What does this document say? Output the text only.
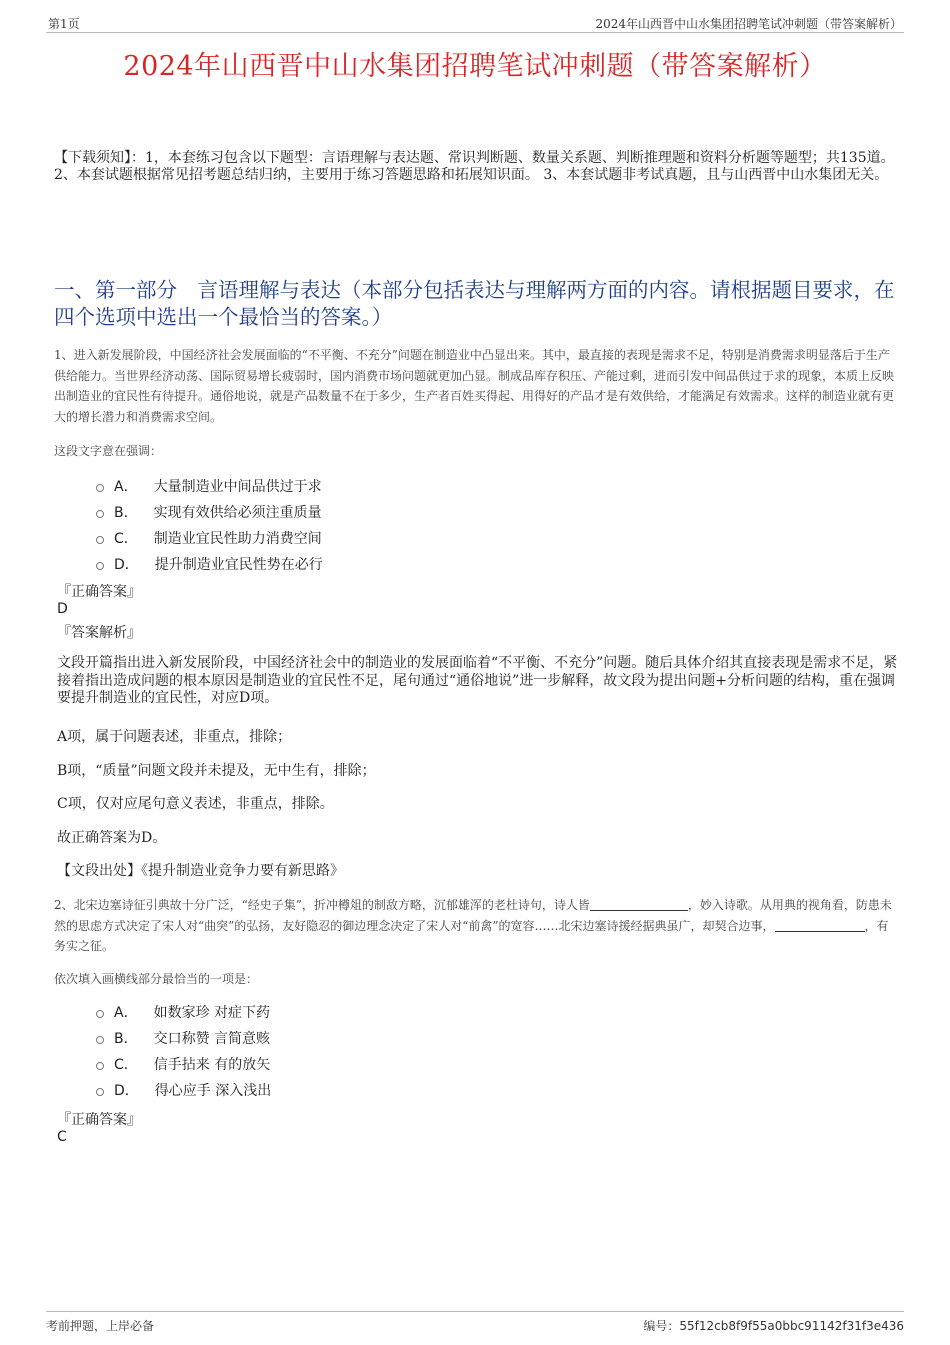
第1页	2024年山西晋中山水集团招聘笔试冲刺题（带答案解析）
2024年山西晋中山水集团招聘笔试冲刺题（带答案解析）
【下载须知】：1，本套练习包含以下题型：言语理解与表达题、常识判断题、数量关系题、判断推理题和资料分析题等题型；共135道。 2、本套试题根据常见招考题总结归纳，主要用于练习答题思路和拓展知识面。 3、本套试题非考试真题，且与山西晋中山水集团无关。
一、第一部分　言语理解与表达（本部分包括表达与理解两方面的内容。请根据题目要求，在四个选项中选出一个最恰当的答案。）
1、进入新发展阶段，中国经济社会发展面临的“不平衡、不充分”问题在制造业中凸显出来。其中，最直接的表现是需求不足，特别是消费需求明显落后于生产供给能力。当世界经济动荡、国际贸易增长疲弱时，国内消费市场问题就更加凸显。制成品库存积压、产能过剩，进而引发中间品供过于求的现象，本质上反映出制造业的宜民性有待提升。通俗地说，就是产品数量不在于多少，生产者百姓买得起、用得好的产品才是有效供给，才能满足有效需求。这样的制造业就有更大的增长潜力和消费需求空间。
这段文字意在强调：
A． 大量制造业中间品供过于求
B． 实现有效供给必须注重质量
C． 制造业宜民性助力消费空间
D． 提升制造业宜民性势在必行
『正确答案』
D
『答案解析』
文段开篇指出进入新发展阶段，中国经济社会中的制造业的发展面临着“不平衡、不充分”问题。随后具体介绍其直接表现是需求不足，紧接着指出造成问题的根本原因是制造业的宜民性不足，尾句通过“通俗地说”进一步解释，故文段为提出问题+分析问题的结构，重在强调要提升制造业的宜民性，对应D项。
A项，属于问题表述，非重点，排除；
B项，“质量”问题文段并未提及，无中生有，排除；
C项，仅对应尾句意义表述，非重点，排除。
故正确答案为D。
【文段出处】《提升制造业竞争力要有新思路》
2、北宋边塞诗征引典故十分广泛，“经史子集”，折冲樽俎的制敌方略，沉郁雄浑的老杜诗句，诗人皆	，妙入诗歌。从用典的视角看，防患未然的思虑方式决定了宋人对“曲突”的弘扬，友好隐忍的御边理念决定了宋人对“前禽”的宽容……北宋边塞诗援经据典虽广，却契合边事，	，有务实之征。
依次填入画横线部分最恰当的一项是：
A． 如数家珍 对症下药
B． 交口称赞 言简意赅
C． 信手拈来 有的放矢
D． 得心应手 深入浅出
『正确答案』
C
考前押题，上岸必备	编号：55f12cb8f9f55a0bbc91142f31f3e436
